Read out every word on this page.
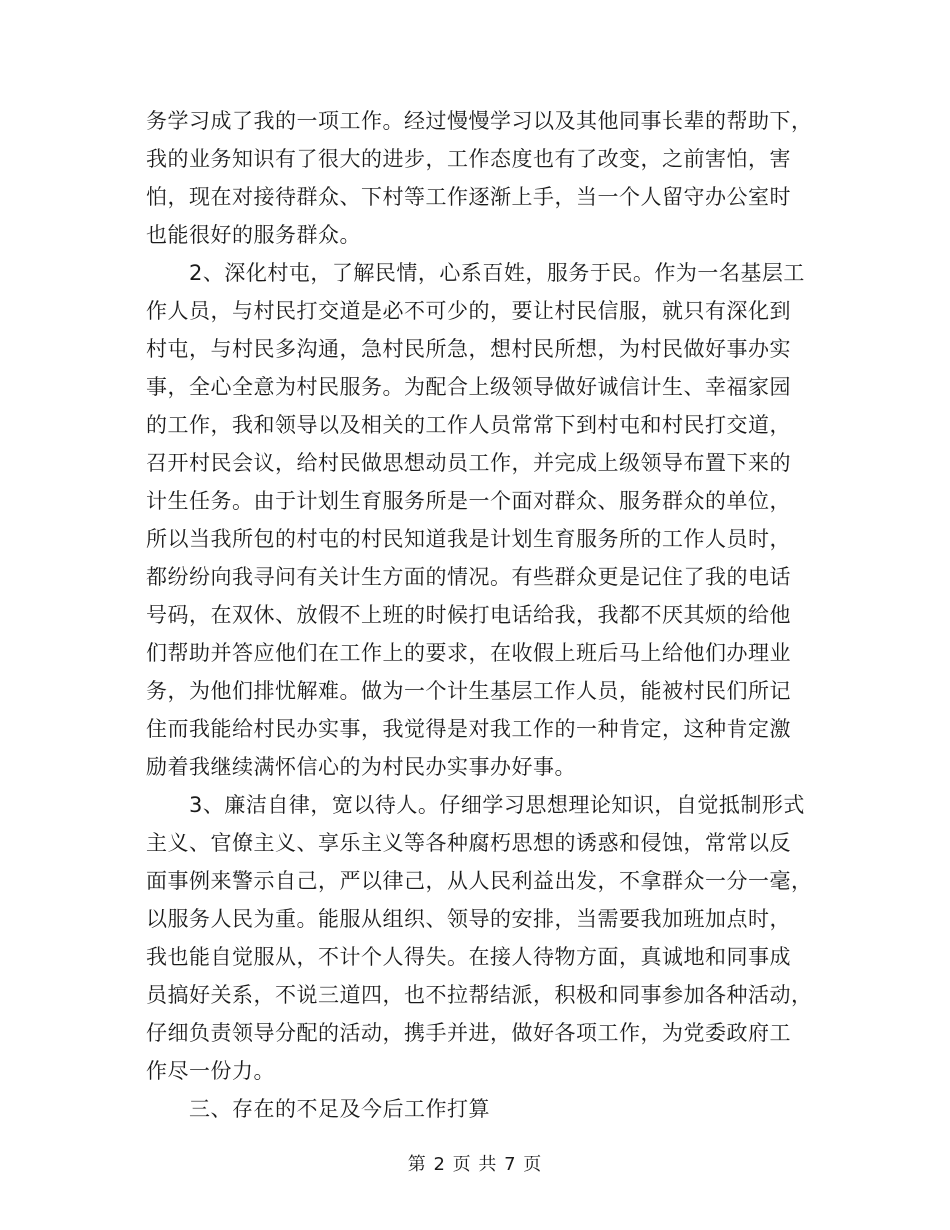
务学习成了我的一项工作。经过慢慢学习以及其他同事长辈的帮助下，
我的业务知识有了很大的进步，工作态度也有了改变，之前害怕，害
怕，现在对接待群众、下村等工作逐渐上手，当一个人留守办公室时
也能很好的服务群众。
　　2、深化村屯，了解民情，心系百姓，服务于民。作为一名基层工
作人员，与村民打交道是必不可少的，要让村民信服，就只有深化到
村屯，与村民多沟通，急村民所急，想村民所想，为村民做好事办实
事，全心全意为村民服务。为配合上级领导做好诚信计生、幸福家园
的工作，我和领导以及相关的工作人员常常下到村屯和村民打交道，
召开村民会议，给村民做思想动员工作，并完成上级领导布置下来的
计生任务。由于计划生育服务所是一个面对群众、服务群众的单位，
所以当我所包的村屯的村民知道我是计划生育服务所的工作人员时，
都纷纷向我寻问有关计生方面的情况。有些群众更是记住了我的电话
号码，在双休、放假不上班的时候打电话给我，我都不厌其烦的给他
们帮助并答应他们在工作上的要求，在收假上班后马上给他们办理业
务，为他们排忧解难。做为一个计生基层工作人员，能被村民们所记
住而我能给村民办实事，我觉得是对我工作的一种肯定，这种肯定激
励着我继续满怀信心的为村民办实事办好事。
　　3、廉洁自律，宽以待人。仔细学习思想理论知识，自觉抵制形式
主义、官僚主义、享乐主义等各种腐朽思想的诱惑和侵蚀，常常以反
面事例来警示自己，严以律己，从人民利益出发，不拿群众一分一毫，
以服务人民为重。能服从组织、领导的安排，当需要我加班加点时，
我也能自觉服从，不计个人得失。在接人待物方面，真诚地和同事成
员搞好关系，不说三道四，也不拉帮结派，积极和同事参加各种活动，
仔细负责领导分配的活动，携手并进，做好各项工作，为党委政府工
作尽一份力。
　　三、存在的不足及今后工作打算
第 2 页 共 7 页
